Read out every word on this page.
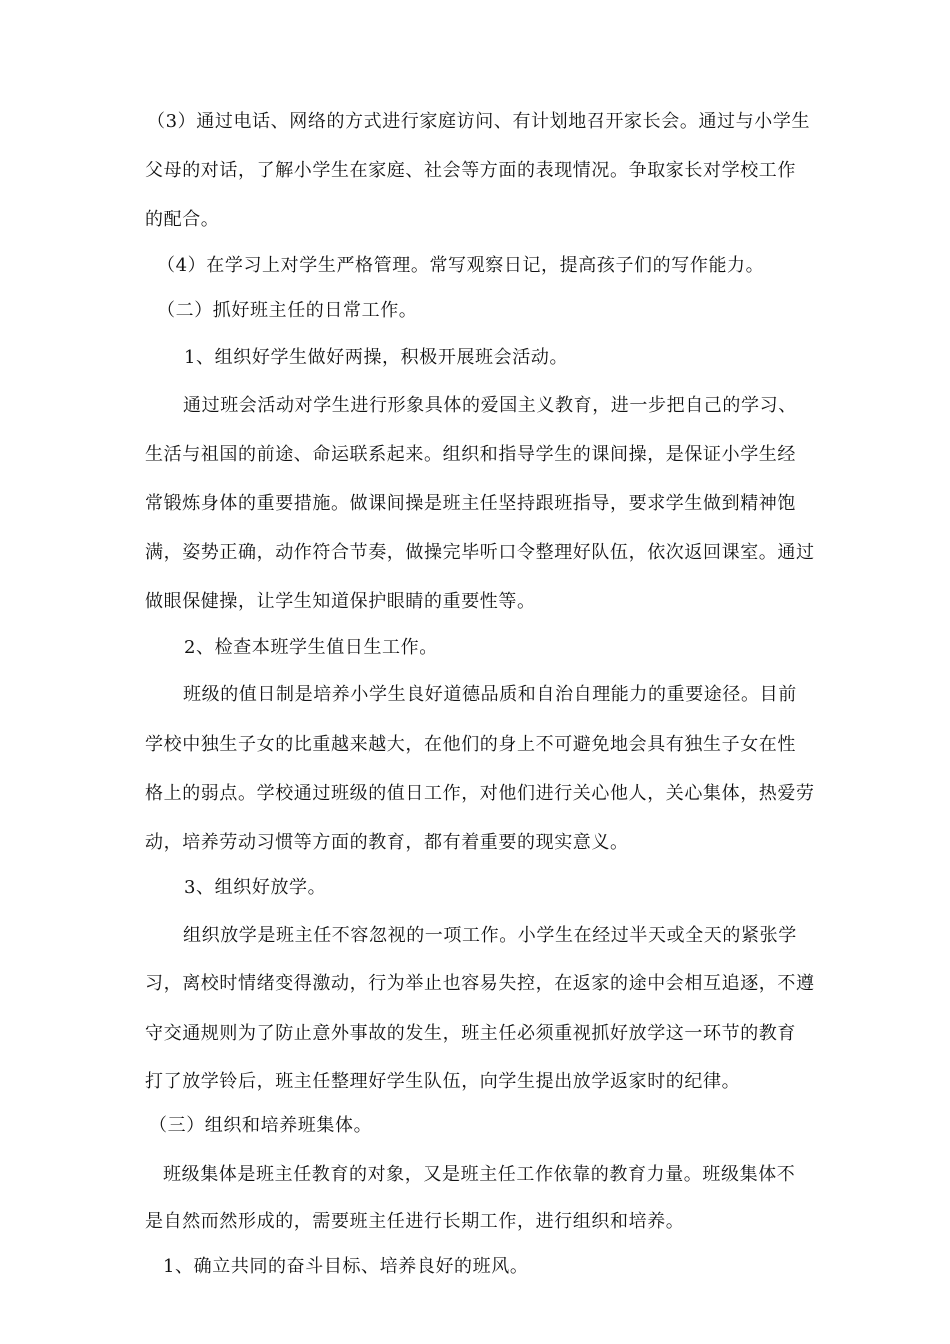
（3）通过电话、网络的方式进行家庭访问、有计划地召开家长会。通过与小学生
父母的对话，了解小学生在家庭、社会等方面的表现情况。争取家长对学校工作
的配合。
（4）在学习上对学生严格管理。常写观察日记，提高孩子们的写作能力。
（二）抓好班主任的日常工作。
1、组织好学生做好两操，积极开展班会活动。
通过班会活动对学生进行形象具体的爱国主义教育，进一步把自己的学习、
生活与祖国的前途、命运联系起来。组织和指导学生的课间操，是保证小学生经
常锻炼身体的重要措施。做课间操是班主任坚持跟班指导，要求学生做到精神饱
满，姿势正确，动作符合节奏，做操完毕听口令整理好队伍，依次返回课室。通过
做眼保健操，让学生知道保护眼睛的重要性等。
2、检查本班学生值日生工作。
班级的值日制是培养小学生良好道德品质和自治自理能力的重要途径。目前
学校中独生子女的比重越来越大，在他们的身上不可避免地会具有独生子女在性
格上的弱点。学校通过班级的值日工作，对他们进行关心他人，关心集体，热爱劳
动，培养劳动习惯等方面的教育，都有着重要的现实意义。
3、组织好放学。
组织放学是班主任不容忽视的一项工作。小学生在经过半天或全天的紧张学
习，离校时情绪变得激动，行为举止也容易失控，在返家的途中会相互追逐，不遵
守交通规则为了防止意外事故的发生，班主任必须重视抓好放学这一环节的教育
打了放学铃后，班主任整理好学生队伍，向学生提出放学返家时的纪律。
（三）组织和培养班集体。
班级集体是班主任教育的对象，又是班主任工作依靠的教育力量。班级集体不
是自然而然形成的，需要班主任进行长期工作，进行组织和培养。
1、确立共同的奋斗目标、培养良好的班风。
